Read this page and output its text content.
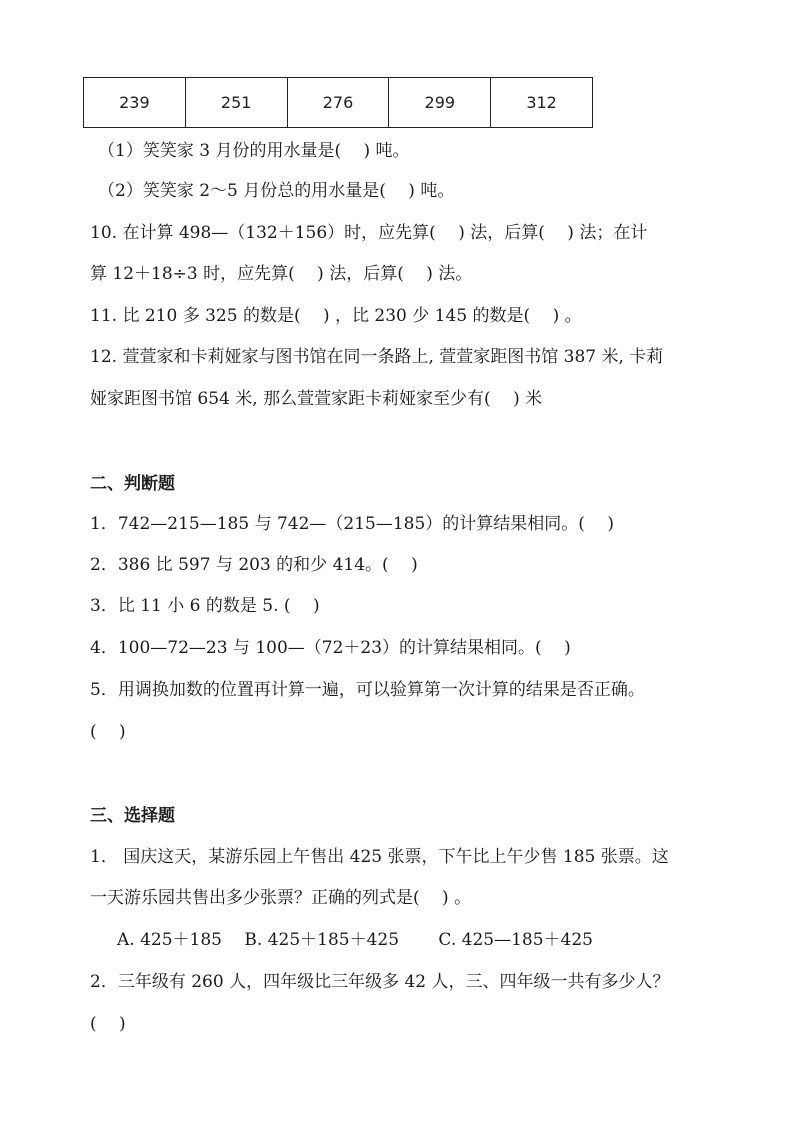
239	251	276	299	312
（1）笑笑家 3 月份的用水量是(　 ) 吨。
（2）笑笑家 2～5 月份总的用水量是(　 ) 吨。
10. 在计算 498—（132＋156）时，应先算(　 ) 法，后算(　 ) 法；在计
算 12＋18÷3 时，应先算(　 ) 法，后算(　 ) 法。
11. 比 210 多 325 的数是(　 ) ，比 230 少 145 的数是(　 ) 。
12. 萱萱家和卡莉娅家与图书馆在同一条路上, 萱萱家距图书馆 387 米, 卡莉
娅家距图书馆 654 米, 那么萱萱家距卡莉娅家至少有(　 ) 米
二、判断题
1．742—215—185 与 742—（215—185）的计算结果相同。(　 )
2．386 比 597 与 203 的和少 414。(　 )
3．比 11 小 6 的数是 5. (　 )
4．100—72—23 与 100—（72＋23）的计算结果相同。(　 )
5．用调换加数的位置再计算一遍，可以验算第一次计算的结果是否正确。
(　 )
三、选择题
1． 国庆这天，某游乐园上午售出 425 张票，下午比上午少售 185 张票。这
一天游乐园共售出多少张票？正确的列式是(　 ) 。
A. 425＋185　 B. 425＋185＋425　　 C. 425—185＋425
2．三年级有 260 人，四年级比三年级多 42 人，三、四年级一共有多少人？
(　 )
